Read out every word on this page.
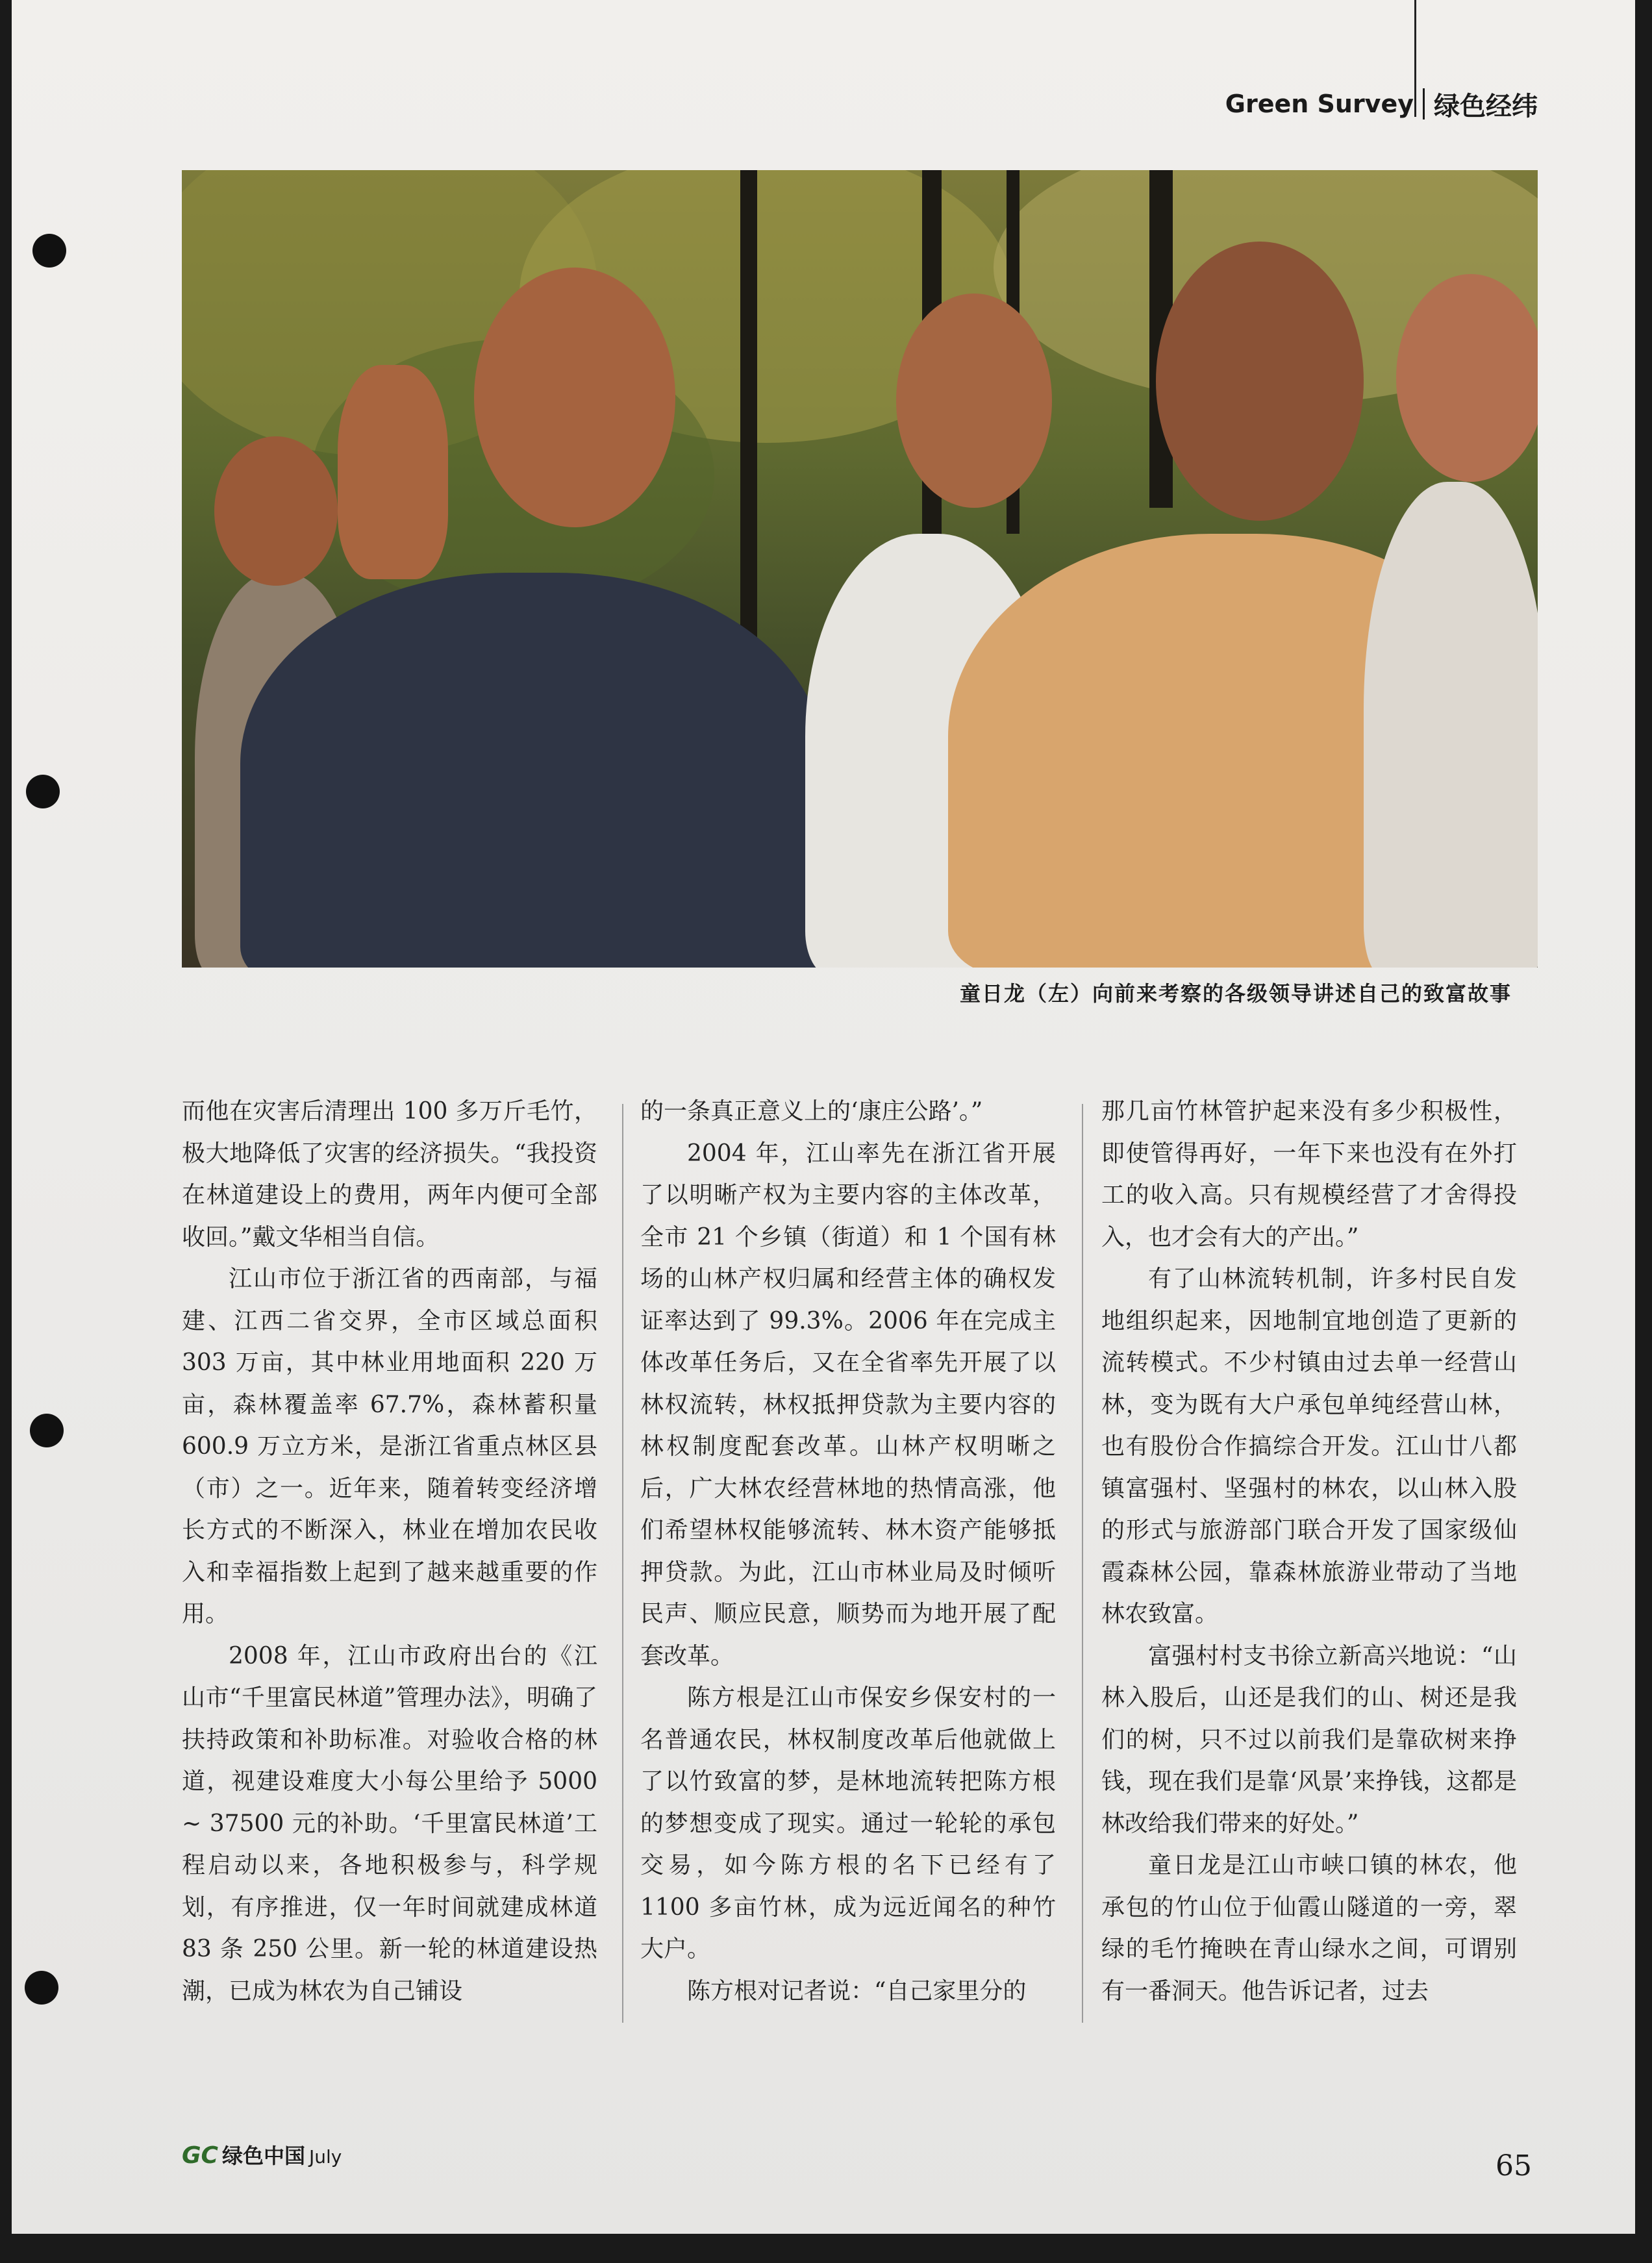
Green Survey 绿色经纬
童日龙（左）向前来考察的各级领导讲述自己的致富故事

而他在灾害后清理出 100 多万斤毛竹，极大地降低了灾害的经济损失。“我投资在林道建设上的费用，两年内便可全部收回。”戴文华相当自信。

江山市位于浙江省的西南部，与福建、江西二省交界，全市区域总面积 303 万亩，其中林业用地面积 220 万亩，森林覆盖率 67.7%，森林蓄积量 600.9 万立方米，是浙江省重点林区县（市）之一。近年来，随着转变经济增长方式的不断深入，林业在增加农民收入和幸福指数上起到了越来越重要的作用。

2008 年，江山市政府出台的《江山市“千里富民林道”管理办法》，明确了扶持政策和补助标准。对验收合格的林道，视建设难度大小每公里给予 5000 ~ 37500 元的补助。‘千里富民林道’工程启动以来，各地积极参与，科学规划，有序推进，仅一年时间就建成林道 83 条 250 公里。新一轮的林道建设热潮，已成为林农为自己铺设

的一条真正意义上的‘康庄公路’。”

2004 年，江山率先在浙江省开展了以明晰产权为主要内容的主体改革，全市 21 个乡镇（街道）和 1 个国有林场的山林产权归属和经营主体的确权发证率达到了 99.3%。2006 年在完成主体改革任务后，又在全省率先开展了以林权流转，林权抵押贷款为主要内容的林权制度配套改革。山林产权明晰之后，广大林农经营林地的热情高涨，他们希望林权能够流转、林木资产能够抵押贷款。为此，江山市林业局及时倾听民声、顺应民意，顺势而为地开展了配套改革。

陈方根是江山市保安乡保安村的一名普通农民，林权制度改革后他就做上了以竹致富的梦，是林地流转把陈方根的梦想变成了现实。通过一轮轮的承包交易，如今陈方根的名下已经有了 1100 多亩竹林，成为远近闻名的种竹大户。

陈方根对记者说：“自己家里分的

那几亩竹林管护起来没有多少积极性，即使管得再好，一年下来也没有在外打工的收入高。只有规模经营了才舍得投入，也才会有大的产出。”

有了山林流转机制，许多村民自发地组织起来，因地制宜地创造了更新的流转模式。不少村镇由过去单一经营山林，变为既有大户承包单纯经营山林，也有股份合作搞综合开发。江山廿八都镇富强村、坚强村的林农，以山林入股的形式与旅游部门联合开发了国家级仙霞森林公园，靠森林旅游业带动了当地林农致富。

富强村村支书徐立新高兴地说：“山林入股后，山还是我们的山、树还是我们的树，只不过以前我们是靠砍树来挣钱，现在我们是靠‘风景’来挣钱，这都是林改给我们带来的好处。”

童日龙是江山市峡口镇的林农，他承包的竹山位于仙霞山隧道的一旁，翠绿的毛竹掩映在青山绿水之间，可谓别有一番洞天。他告诉记者，过去

GC 绿色中国 July	65
